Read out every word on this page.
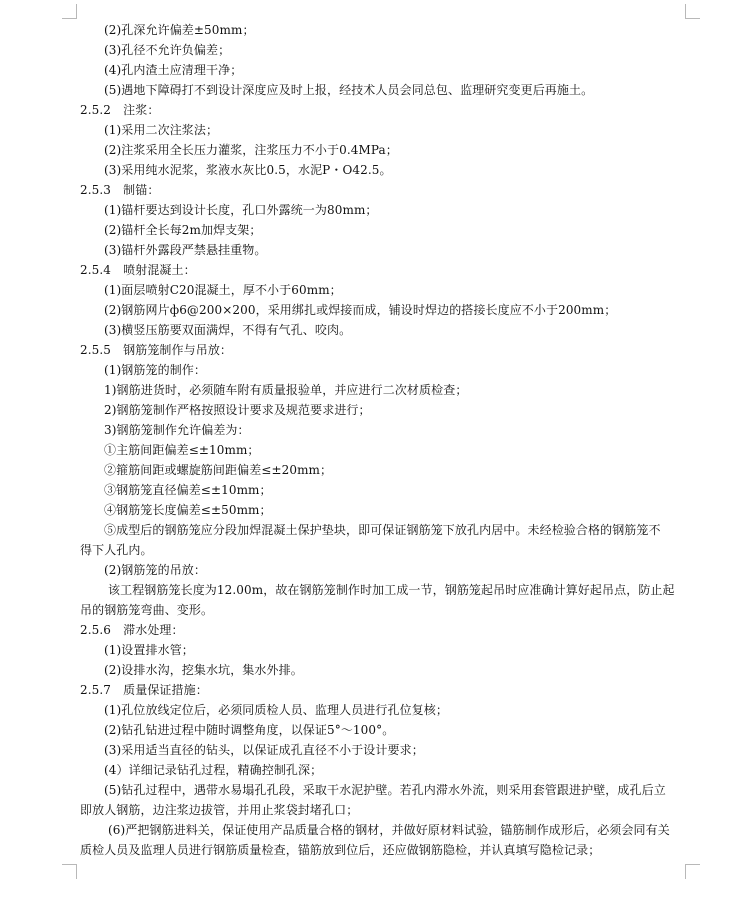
(2)孔深允许偏差±50mm；
(3)孔径不允许负偏差；
(4)孔内渣土应清理干净；
(5)遇地下障碍打不到设计深度应及时上报，经技术人员会同总包、监理研究变更后再施土。
2.5.2　注浆：
(1)采用二次注浆法；
(2)注浆采用全长压力灌浆，注浆压力不小于0.4MPa；
(3)采用纯水泥浆，浆液水灰比0.5，水泥P・O42.5。
2.5.3　制锚：
(1)锚杆要达到设计长度，孔口外露统一为80mm；
(2)锚杆全长每2m加焊支架；
(3)锚杆外露段严禁悬挂重物。
2.5.4　喷射混凝土：
(1)面层喷射C20混凝土，厚不小于60mm；
(2)钢筋网片ф6@200×200，采用绑扎或焊接而成，铺设时焊边的搭接长度应不小于200mm；
(3)横竖压筋要双面满焊，不得有气孔、咬肉。
2.5.5　钢筋笼制作与吊放：
(1)钢筋笼的制作：
1)钢筋进货时，必须随车附有质量报验单，并应进行二次材质检查；
2)钢筋笼制作严格按照设计要求及规范要求进行；
3)钢筋笼制作允许偏差为：
①主筋间距偏差≤±10mm；
②箍筋间距或螺旋筋间距偏差≤±20mm；
③钢筋笼直径偏差≤±10mm；
④钢筋笼长度偏差≤±50mm；
⑤成型后的钢筋笼应分段加焊混凝土保护垫块，即可保证钢筋笼下放孔内居中。未经检验合格的钢筋笼不
得下人孔内。
(2)钢筋笼的吊放：
该工程钢筋笼长度为12.00m，故在钢筋笼制作时加工成一节，钢筋笼起吊时应准确计算好起吊点，防止起
吊的钢筋笼弯曲、变形。
2.5.6　滞水处理：
(1)设置排水管；
(2)设排水沟，挖集水坑，集水外排。
2.5.7　质量保证措施：
(1)孔位放线定位后，必须同质检人员、监理人员进行孔位复核；
(2)钻孔钻进过程中随时调整角度，以保证5°～100°。
(3)采用适当直径的钻头，以保证成孔直径不小于设计要求；
(4）详细记录钻孔过程，精确控制孔深；
(5)钻孔过程中，遇带水易塌孔孔段，采取干水泥护壁。若孔内滞水外流，则采用套管跟进护壁，成孔后立
即放人钢筋，边注浆边拔管，并用止浆袋封堵孔口；
(6)严把钢筋进料关，保证使用产品质量合格的钢材，并做好原材料试验，锚筋制作成形后，必须会同有关
质检人员及监理人员进行钢筋质量检查，锚筋放到位后，还应做钢筋隐检，并认真填写隐检记录；
